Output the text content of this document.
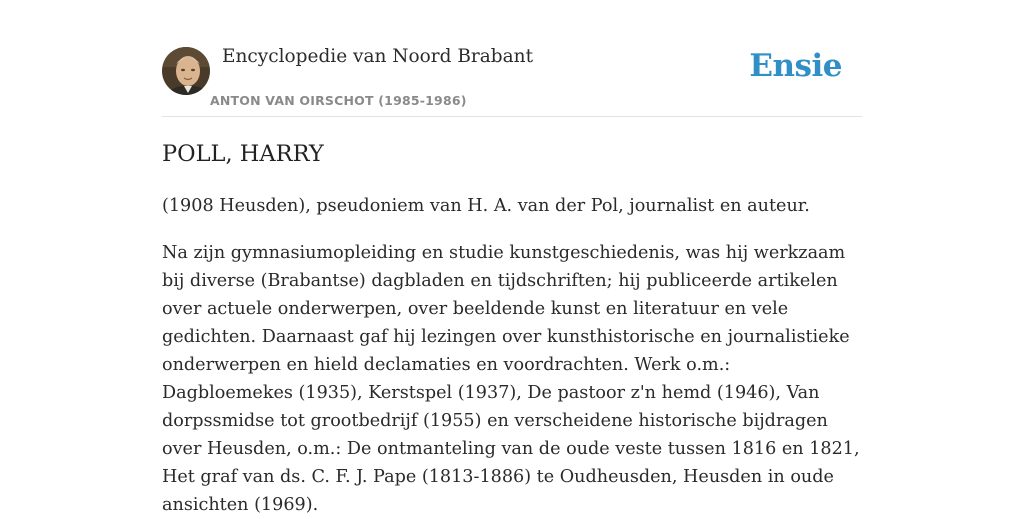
Encyclopedie van Noord Brabant
ANTON VAN OIRSCHOT (1985-1986)
Ensie
POLL, HARRY

(1908 Heusden), pseudoniem van H. A. van der Pol, journalist en auteur.

Na zijn gymnasiumopleiding en studie kunstgeschiedenis, was hij werkzaam bij diverse (Brabantse) dagbladen en tijdschriften; hij publiceerde artikelen over actuele onderwerpen, over beeldende kunst en literatuur en vele gedichten. Daarnaast gaf hij lezingen over kunsthistorische en journalistieke onderwerpen en hield declamaties en voordrachten. Werk o.m.: Dagbloemekes (1935), Kerstspel (1937), De pastoor z'n hemd (1946), Van dorpssmidse tot grootbedrijf (1955) en verscheidene historische bijdragen over Heusden, o.m.: De ontmanteling van de oude veste tussen 1816 en 1821, Het graf van ds. C. F. J. Pape (1813-1886) te Oudheusden, Heusden in oude ansichten (1969).
